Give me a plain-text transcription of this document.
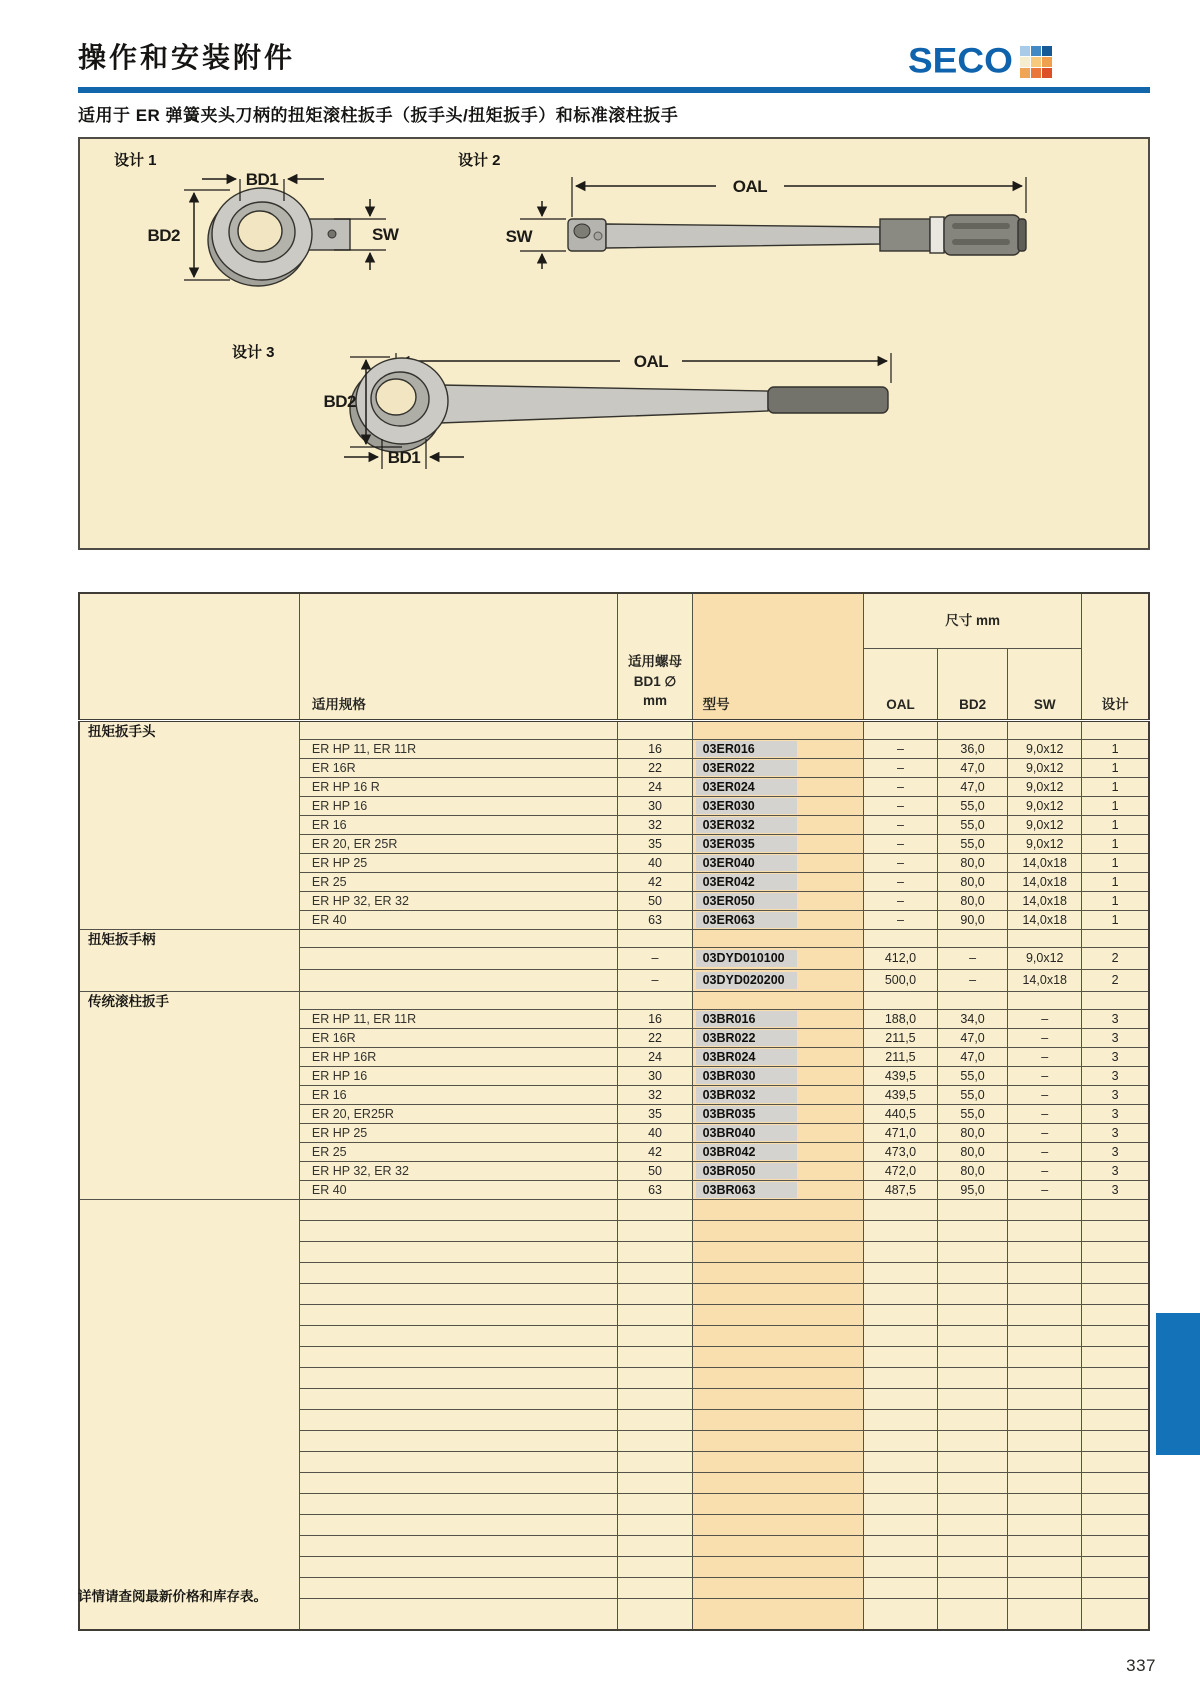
操作和安装附件	SECO
适用于 ER 弹簧夹头刀柄的扭矩滚柱扳手（扳手头/扭矩扳手）和标准滚柱扳手
设计 1
BD1
BD2	SW
设计 2
OAL
SW
设计 3	OAL
BD2
BD1
	适用规格	适用螺母
BD1 ∅
mm	型号	尺寸 mm			设计
				OAL	BD2	SW	
扭矩扳手头							
	ER HP 11, ER 11R	16	03ER016	–	36,0	9,0x12	1
	ER 16R	22	03ER022	–	47,0	9,0x12	1
	ER HP 16 R	24	03ER024	–	47,0	9,0x12	1
	ER HP 16	30	03ER030	–	55,0	9,0x12	1
	ER 16	32	03ER032	–	55,0	9,0x12	1
	ER 20, ER 25R	35	03ER035	–	55,0	9,0x12	1
	ER HP 25	40	03ER040	–	80,0	14,0x18	1
	ER 25	42	03ER042	–	80,0	14,0x18	1
	ER HP 32, ER 32	50	03ER050	–	80,0	14,0x18	1
	ER 40	63	03ER063	–	90,0	14,0x18	1
扭矩扳手柄							
		–	03DYD010100	412,0	–	9,0x12	2
		–	03DYD020200	500,0	–	14,0x18	2
传统滚柱扳手							
	ER HP 11, ER 11R	16	03BR016	188,0	34,0	–	3
	ER 16R	22	03BR022	211,5	47,0	–	3
	ER HP 16R	24	03BR024	211,5	47,0	–	3
	ER HP 16	30	03BR030	439,5	55,0	–	3
	ER 16	32	03BR032	439,5	55,0	–	3
	ER 20, ER25R	35	03BR035	440,5	55,0	–	3
	ER HP 25	40	03BR040	471,0	80,0	–	3
	ER 25	42	03BR042	473,0	80,0	–	3
	ER HP 32, ER 32	50	03BR050	472,0	80,0	–	3
	ER 40	63	03BR063	487,5	95,0	–	3

详情请查阅最新价格和库存表。
337
